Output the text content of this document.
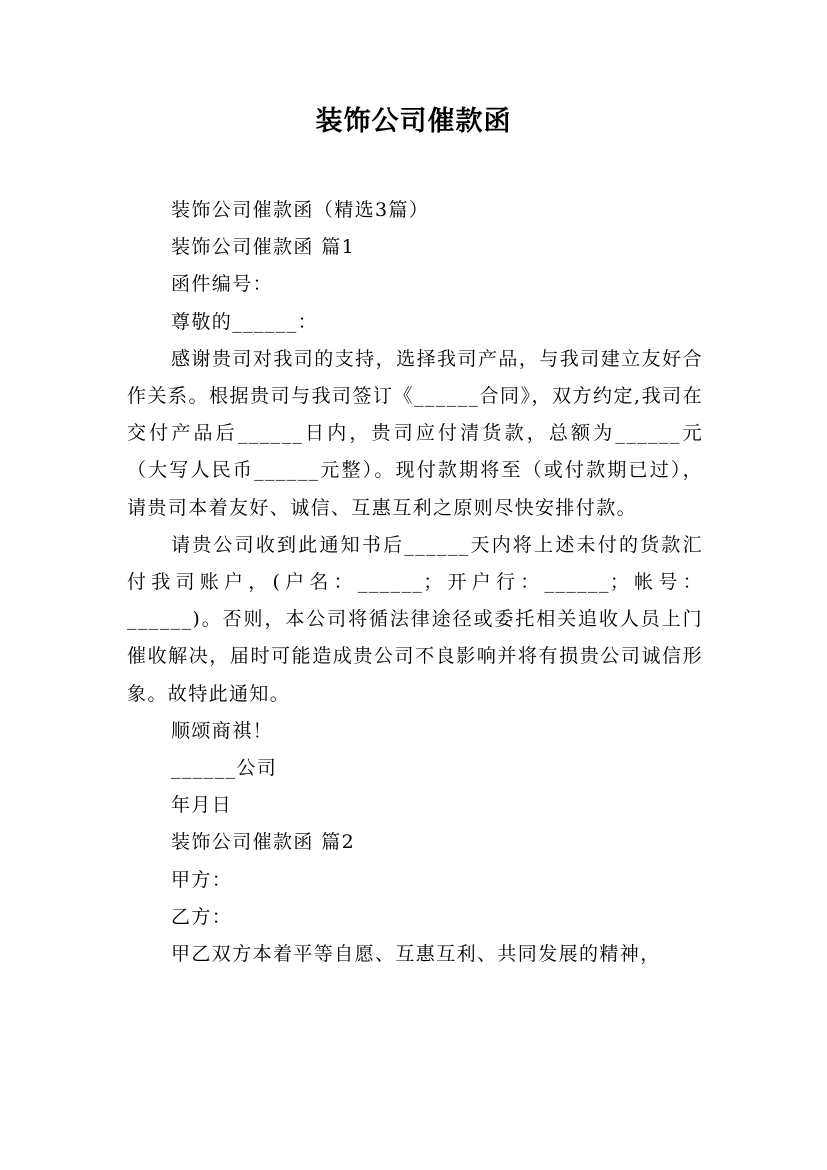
装饰公司催款函

装饰公司催款函（精选3篇）

装饰公司催款函 篇1

函件编号：

尊敬的______：

感谢贵司对我司的支持，选择我司产品，与我司建立友好合作关系。根据贵司与我司签订《______合同》，双方约定,我司在交付产品后______日内，贵司应付清货款，总额为______元（大写人民币______元整）。现付款期将至（或付款期已过），请贵司本着友好、诚信、互惠互利之原则尽快安排付款。

请贵公司收到此通知书后______天内将上述未付的货款汇付我司账户，(户名：______；开户行：______；帐号：______)。否则，本公司将循法律途径或委托相关追收人员上门催收解决，届时可能造成贵公司不良影响并将有损贵公司诚信形象。故特此通知。

顺颂商祺！

______公司

年月日

装饰公司催款函 篇2

甲方：

乙方：

甲乙双方本着平等自愿、互惠互利、共同发展的精神，
